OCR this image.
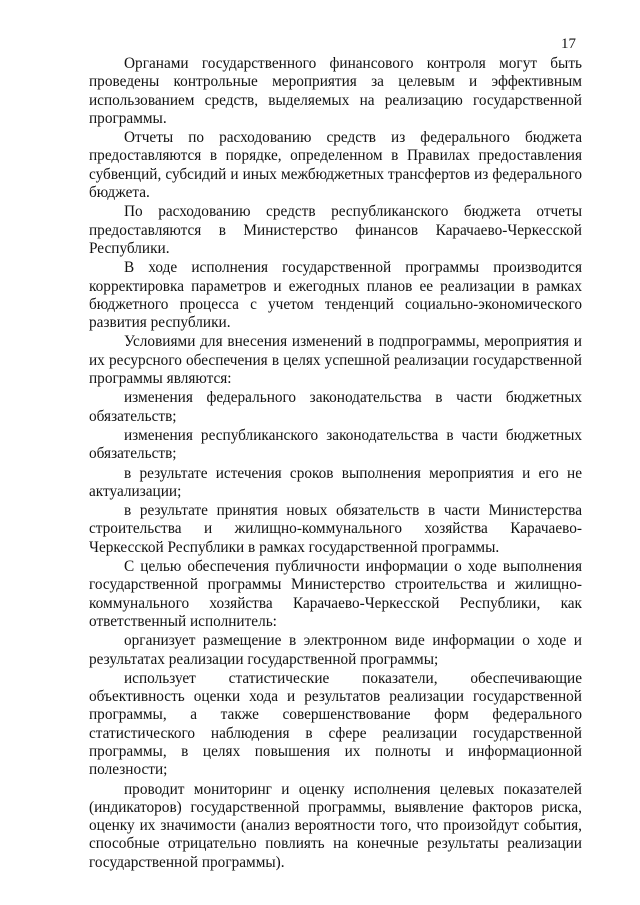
17

Органами государственного финансового контроля могут быть проведены контрольные мероприятия за целевым и эффективным использованием средств, выделяемых на реализацию государственной программы.

Отчеты по расходованию средств из федерального бюджета предоставляются в порядке, определенном в Правилах предоставления субвенций, субсидий и иных межбюджетных трансфертов из федерального бюджета.

По расходованию средств республиканского бюджета отчеты предоставляются в Министерство финансов Карачаево-Черкесской Республики.

В ходе исполнения государственной программы производится корректировка параметров и ежегодных планов ее реализации в рамках бюджетного процесса с учетом тенденций социально-экономического развития республики.

Условиями для внесения изменений в подпрограммы, мероприятия и их ресурсного обеспечения в целях успешной реализации государственной программы являются:

изменения федерального законодательства в части бюджетных обязательств;

изменения республиканского законодательства в части бюджетных обязательств;

в результате истечения сроков выполнения мероприятия и его не актуализации;

в результате принятия новых обязательств в части Министерства строительства и жилищно-коммунального хозяйства Карачаево-Черкесской Республики в рамках государственной программы.

С целью обеспечения публичности информации о ходе выполнения государственной программы Министерство строительства и жилищно-коммунального хозяйства Карачаево-Черкесской Республики, как ответственный исполнитель:

организует размещение в электронном виде информации о ходе и результатах реализации государственной программы;

использует статистические показатели, обеспечивающие объективность оценки хода и результатов реализации государственной программы, а также совершенствование форм федерального статистического наблюдения в сфере реализации государственной программы, в целях повышения их полноты и информационной полезности;

проводит мониторинг и оценку исполнения целевых показателей (индикаторов) государственной программы, выявление факторов риска, оценку их значимости (анализ вероятности того, что произойдут события, способные отрицательно повлиять на конечные результаты реализации государственной программы).
